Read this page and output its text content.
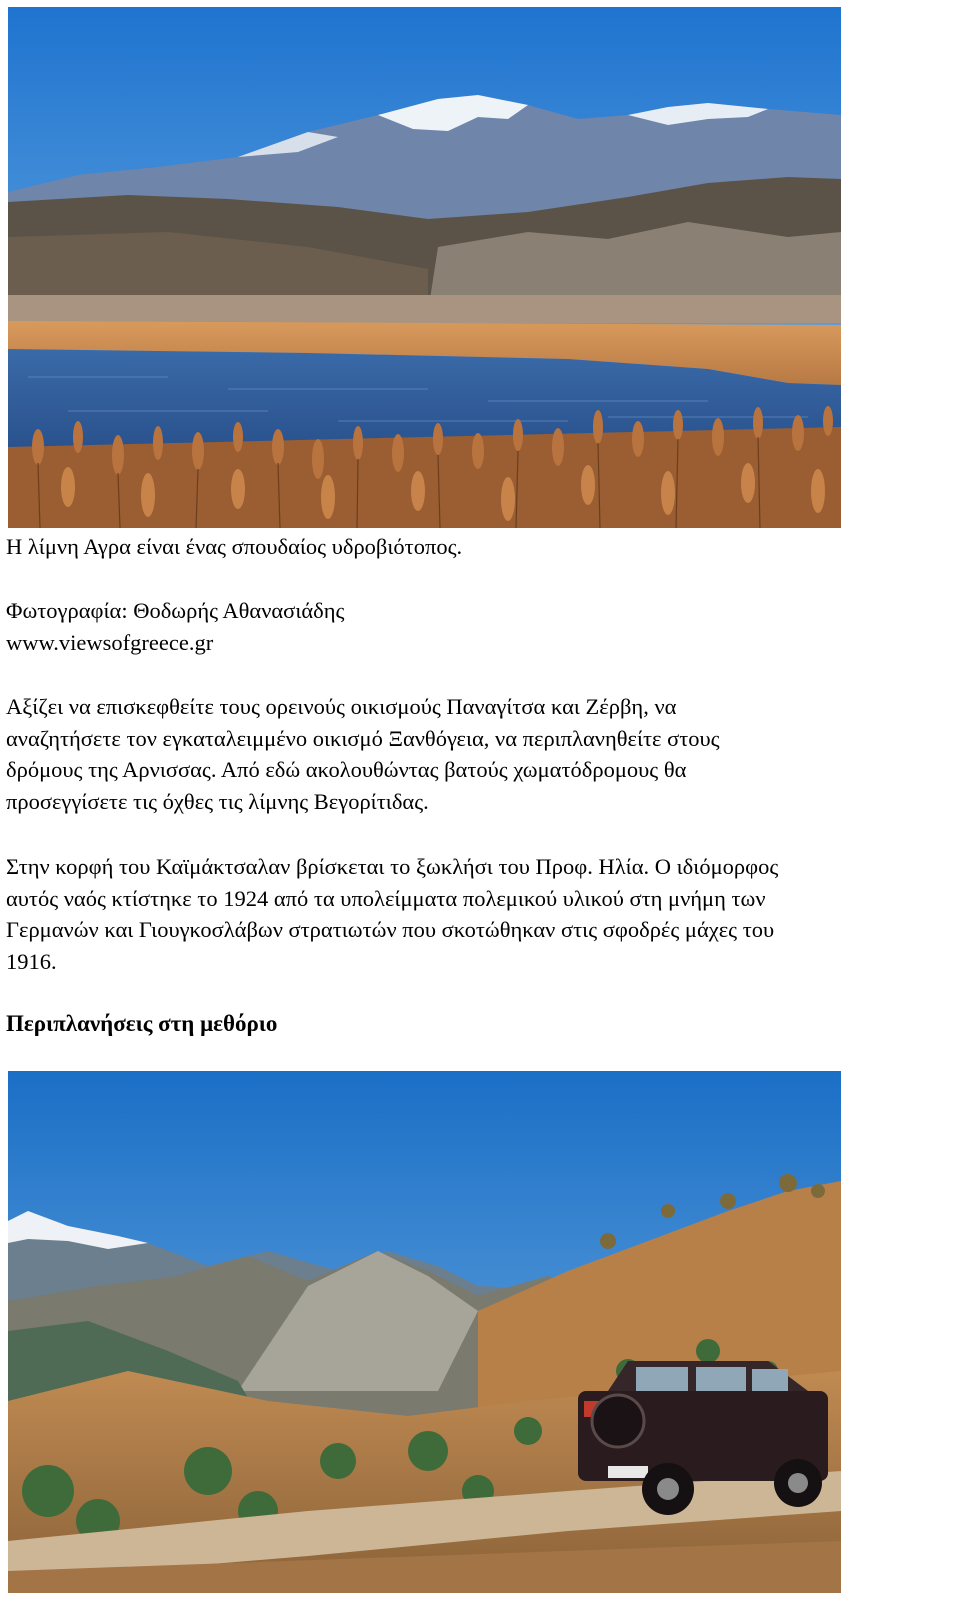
Η λίμνη Αγρα είναι ένας σπουδαίος υδροβιότοπος.

Φωτογραφία: Θοδωρής Αθανασιάδης
www.viewsofgreece.gr

Αξίζει να επισκεφθείτε τους ορεινούς οικισμούς Παναγίτσα και Ζέρβη, να
αναζητήσετε τον εγκαταλειμμένο οικισμό Ξανθόγεια, να περιπλανηθείτε στους
δρόμους της Αρνισσας. Από εδώ ακολουθώντας βατούς χωματόδρομους θα
προσεγγίσετε τις όχθες τις λίμνης Βεγορίτιδας.

Στην κορφή του Καϊμάκτσαλαν βρίσκεται το ξωκλήσι του Προφ. Ηλία. Ο ιδιόμορφος
αυτός ναός κτίστηκε το 1924 από τα υπολείμματα πολεμικού υλικού στη μνήμη των
Γερμανών και Γιουγκοσλάβων στρατιωτών που σκοτώθηκαν στις σφοδρές μάχες του
1916.

Περιπλανήσεις στη μεθόριο
